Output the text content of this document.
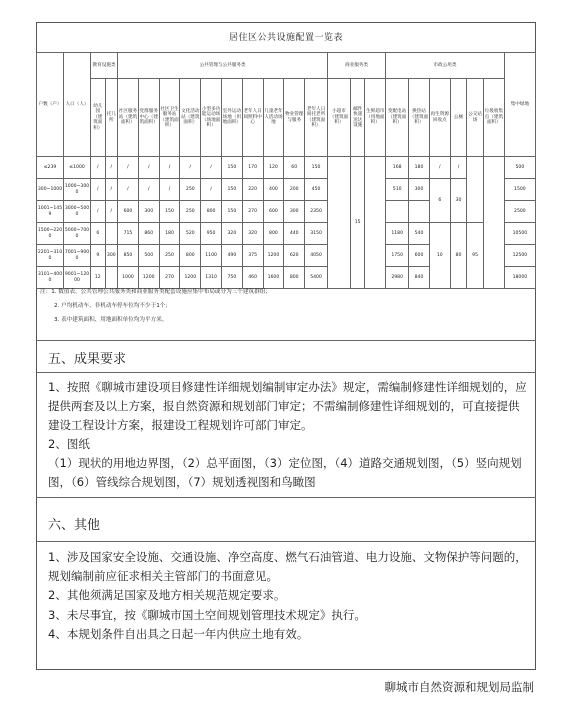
居住区公共设施配置一览表
户数（户）	人口（人）	教育设施类		公共管理与公共服务类										商业服务类			市政公用类						集中绿地
		幼儿园（建筑面积）	托儿所	社区服务站（建筑面积）	党群服务中心（建筑面积）	社区卫生服务站（建筑面积）	文化活动站（建筑面积）	小型多功能运动场（场地面积）	室外运动场地（用地面积）	老年人日间照料中心	儿童老年人活动场地	物业管理与服务	老年人日间托老所（建筑面积）	小超市（建筑面积）	邮件快递送达设施	生鲜超市（用地面积）	变配电站（建筑面积）	换热站（建筑面积）	再生资源回收点	公厕	公交站场	垃圾收集点（建筑面积）	
≤239	≤1000	/	/	/	/	/	/	/	150	170	120	60	150		15		168	180	/	/			500
300~1000	1000~3000	/	/	/	/	/	250	/	150	220	400	200	450				510	300	6	30			1500
1001~1459	3000~5000	/	/	600	300	150	250	800	150	270	600	300	2350										2500
1500~2200	5000~7000	6		715	860	180	520	950	320	320	800	440	3150				1180	540	10	80	95		10500
2201~3100	7001~9000	9	300	850	500	250	800	1100	490	375	1200	620	4050				1750	600					12500
3101~4000	9001~12000	12		1000	1200	270	1200	1310	750	460	1600	800	5400				2980	840					18000
注：1. 数值表，公共管理公共服务类和商业服务类配套设施应集中布局或分为三个建筑群组；
2. 户均机动车、非机动车停车位均不少于1个；
3. 表中建筑面积、用地面积单位均为平方米。
五、成果要求
1、按照《聊城市建设项目修建性详细规划编制审定办法》规定，需编制修建性详细规划的，应提供两套及以上方案，报自然资源和规划部门审定；不需编制修建性详细规划的，可直接提供建设工程设计方案，报建设工程规划许可部门审定。
2、图纸
（1）现状的用地边界图，（2）总平面图，（3）定位图，（4）道路交通规划图，（5）竖向规划图，（6）管线综合规划图，（7）规划透视图和鸟瞰图
六、其他
1、涉及国家安全设施、交通设施、净空高度、燃气石油管道、电力设施、文物保护等问题的，规划编制前应征求相关主管部门的书面意见。
2、其他须满足国家及地方相关规范规定要求。
3、未尽事宜，按《聊城市国土空间规划管理技术规定》执行。
4、本规划条件自出具之日起一年内供应土地有效。
聊城市自然资源和规划局监制
